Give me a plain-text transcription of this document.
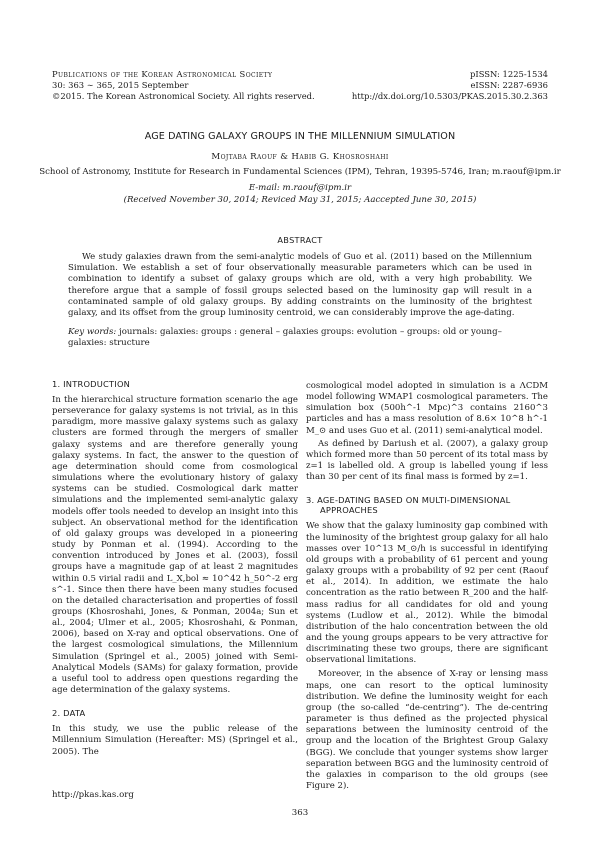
Publications of the Korean Astronomical Society
30: 363 ∼ 365, 2015 September
©2015. The Korean Astronomical Society. All rights reserved.
pISSN: 1225-1534
eISSN: 2287-6936
http://dx.doi.org/10.5303/PKAS.2015.30.2.363
AGE DATING GALAXY GROUPS IN THE MILLENNIUM SIMULATION
Mojtaba Raouf & Habib G. Khosroshahi
School of Astronomy, Institute for Research in Fundamental Sciences (IPM), Tehran, 19395-5746, Iran; m.raouf@ipm.ir
E-mail: m.raouf@ipm.ir
(Received November 30, 2014; Reviced May 31, 2015; Aaccepted June 30, 2015)
ABSTRACT

We study galaxies drawn from the semi-analytic models of Guo et al. (2011) based on the Millennium Simulation. We establish a set of four observationally measurable parameters which can be used in combination to identify a subset of galaxy groups which are old, with a very high probability. We therefore argue that a sample of fossil groups selected based on the luminosity gap will result in a contaminated sample of old galaxy groups. By adding constraints on the luminosity of the brightest galaxy, and its offset from the group luminosity centroid, we can considerably improve the age-dating.

Key words: journals: galaxies: groups : general – galaxies groups: evolution – groups: old or young– galaxies: structure

1. INTRODUCTION

In the hierarchical structure formation scenario the age perseverance for galaxy systems is not trivial, as in this paradigm, more massive galaxy systems such as galaxy clusters are formed through the mergers of smaller galaxy systems and are therefore generally young galaxy systems. In fact, the answer to the question of age determination should come from cosmological simulations where the evolutionary history of galaxy systems can be studied. Cosmological dark matter simulations and the implemented semi-analytic galaxy models offer tools needed to develop an insight into this subject. An observational method for the identification of old galaxy groups was developed in a pioneering study by Ponman et al. (1994). According to the convention introduced by Jones et al. (2003), fossil groups have a magnitude gap of at least 2 magnitudes within 0.5 virial radii and L_X,bol ≈ 10^42 h_50^-2 erg s^-1. Since then there have been many studies focused on the detailed characterisation and properties of fossil groups (Khosroshahi, Jones, & Ponman, 2004a; Sun et al., 2004; Ulmer et al., 2005; Khosroshahi, & Ponman, 2006), based on X-ray and optical observations. One of the largest cosmological simulations, the Millennium Simulation (Springel et al., 2005) joined with Semi-Analytical Models (SAMs) for galaxy formation, provide a useful tool to address open questions regarding the age determination of the galaxy systems.

2. DATA

In this study, we use the public release of the Millennium Simulation (Hereafter: MS) (Springel et al., 2005). The

cosmological model adopted in simulation is a ΛCDM model following WMAP1 cosmological parameters. The simulation box (500h^-1 Mpc)^3 contains 2160^3 particles and has a mass resolution of 8.6× 10^8 h^-1 M_⊙ and uses Guo et al. (2011) semi-analytical model.

As defined by Dariush et al. (2007), a galaxy group which formed more than 50 percent of its total mass by z=1 is labelled old. A group is labelled young if less than 30 per cent of its final mass is formed by z=1.

3. AGE-DATING BASED ON MULTI-DIMENSIONAL

APPROACHES

We show that the galaxy luminosity gap combined with the luminosity of the brightest group galaxy for all halo masses over 10^13 M_⊙/h is successful in identifying old groups with a probability of 61 percent and young galaxy groups with a probability of 92 per cent (Raouf et al., 2014). In addition, we estimate the halo concentration as the ratio between R_200 and the half-mass radius for all candidates for old and young systems (Ludlow et al., 2012). While the bimodal distribution of the halo concentration between the old and the young groups appears to be very attractive for discriminating these two groups, there are significant observational limitations.

Moreover, in the absence of X-ray or lensing mass maps, one can resort to the optical luminosity distribution. We define the luminosity weight for each group (the so-called “de-centring”). The de-centring parameter is thus defined as the projected physical separations between the luminosity centroid of the group and the location of the Brightest Group Galaxy (BGG). We conclude that younger systems show larger separation between BGG and the luminosity centroid of the galaxies in comparison to the old groups (see Figure 2).

http://pkas.kas.org
363
